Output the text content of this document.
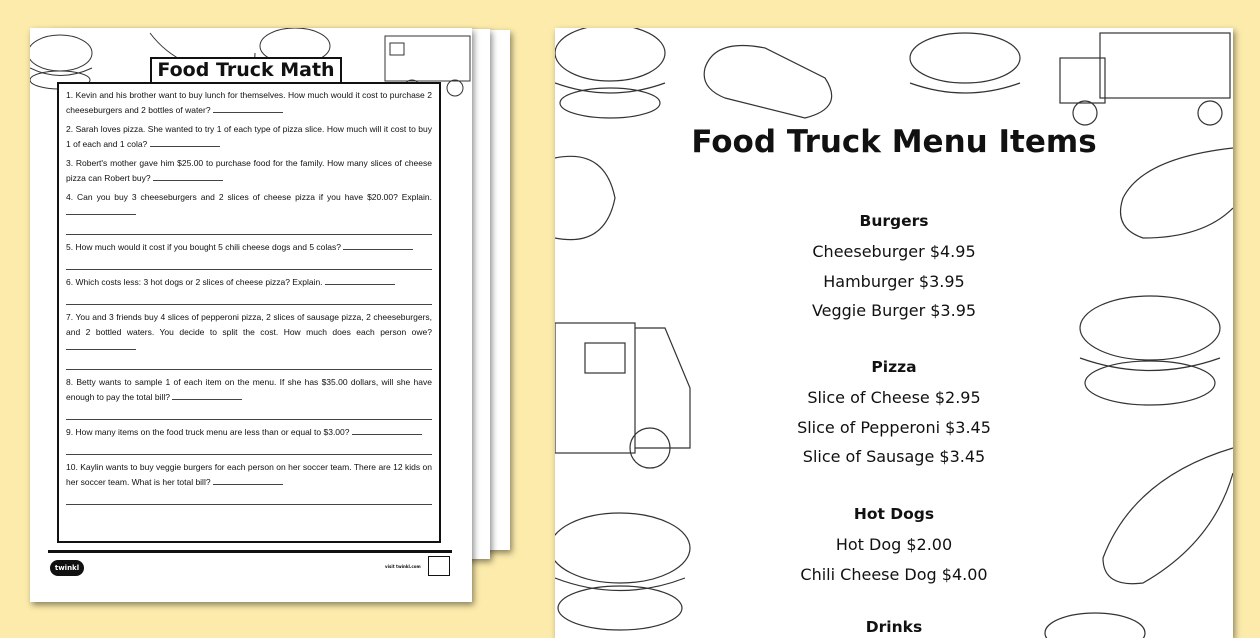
Food Truck Math
1. Kevin and his brother want to buy lunch for themselves. How much would it cost to purchase 2 cheeseburgers and 2 bottles of water?
2. Sarah loves pizza. She wanted to try 1 of each type of pizza slice. How much will it cost to buy 1 of each and 1 cola?
3. Robert's mother gave him $25.00 to purchase food for the family. How many slices of cheese pizza can Robert buy?
4. Can you buy 3 cheeseburgers and 2 slices of cheese pizza if you have $20.00? Explain.
5. How much would it cost if you bought 5 chili cheese dogs and 5 colas?
6. Which costs less: 3 hot dogs or 2 slices of cheese pizza? Explain.
7. You and 3 friends buy 4 slices of pepperoni pizza, 2 slices of sausage pizza, 2 cheeseburgers, and 2 bottled waters. You decide to split the cost. How much does each person owe?
8. Betty wants to sample 1 of each item on the menu. If she has $35.00 dollars, will she have enough to pay the total bill?
9. How many items on the food truck menu are less than or equal to $3.00?
10. Kaylin wants to buy veggie burgers for each person on her soccer team. There are 12 kids on her soccer team. What is her total bill?
twinkl	visit twinkl.com
Food Truck Menu Items
Burgers
Cheeseburger $4.95
Hamburger $3.95
Veggie Burger $3.95
Pizza
Slice of Cheese $2.95
Slice of Pepperoni $3.45
Slice of Sausage $3.45
Hot Dogs
Hot Dog $2.00
Chili Cheese Dog $4.00
Drinks
